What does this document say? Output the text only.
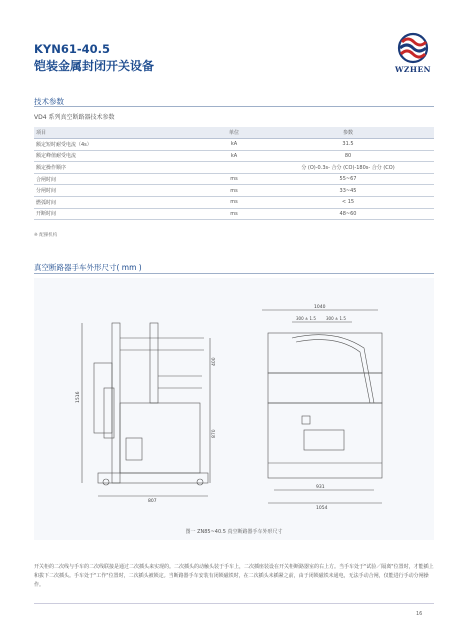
KYN61-40.5
铠装金属封闭开关设备	WZHEN
技术参数
VD4 系列真空断路器技术参数
项目	单位	参数
额定短时耐受电流（4s）	kA	31.5
额定峰值耐受电流	kA	80
额定操作顺序		分 (O)-0.3s- 合分 (CO)-180s- 合分 (CO)
合闸时间	ms	55~67
分闸时间	ms	33~45
燃弧时间	ms	< 15
开断时间	ms	48~60
※ 配操机构
真空断路器手车外形尺寸( mm )
1516
400
870
807
1040
300 ± 1.5	300 ± 1.5
931
1054
图一 ZN85~40.5 真空断路器手车外形尺寸
开关柜的二次线与手车的二次线联接是通过二次插头来实现的。二次插头的动触头装于手车上，二次插座装设在开关柜断路器室的右上方。当手车处于"试验／隔离"位置时，才能插上和拔下二次插头。手车处于"工作"位置时，二次插头被锁定。当断路器手车安装有闭锁磁铁时，在二次插头未插紧之前，由于闭锁磁铁未通电，无法手动合闸，仅能进行手动分闸操作。
16
